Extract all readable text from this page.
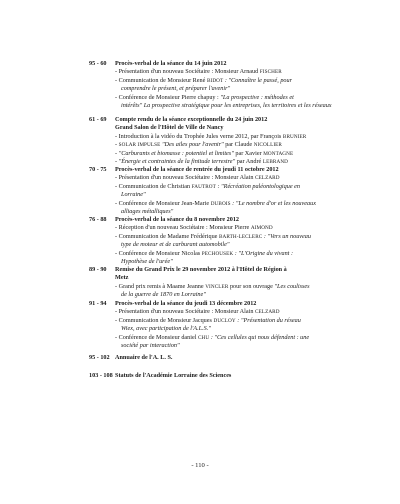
95 - 60 Procès-verbal de la séance du 14 juin 2012
- Présentation d'un nouveau Sociétaire : Monsieur Arnaud FISCHER
- Communication de Monsieur René BIDOT : "Connaître le passé, pour
comprendre le présent, et préparer l'avenir"
- Conférence de Monsieur Pierre chapuy : "La prospective : méthodes et
intérêts" La prospective stratégique pour les entreprises, les territoires et les réseaux
61 - 69 Compte rendu de la séance exceptionnelle du 24 juin 2012
Grand Salon de l'Hôtel de Ville de Nancy
- Introduction à la vidéo du Trophée Jules verne 2012, par François BRUNIER
- SOLAR IMPULSE "Des ailes pour l'avenir" par Claude NICOLLIER
- "Carburants et biomasse : potentiel et limites" par Xavier MONTAGNE
- "Énergie et contraintes de la finitude terrestre" par André LEBRAND
70 - 75 Procès-verbal de la séance de rentrée du jeudi 11 octobre 2012
- Présentation d'un nouveau Sociétaire : Monsieur Alain CELZARD
- Communication de Christian FAUTROT : "Récréation paléontologique en
Lorraine"
- Conférence de Monsieur Jean-Marie DUBOIS : "Le nombre d'or et les nouveaux
alliages métalliques"
76 - 88 Procès-verbal de la séance du 8 novembre 2012
- Réception d'un nouveau Sociétaire : Monsieur Pierre AIMOND
- Communication de Madame Frédérique BARTH-LECLERC : "Vers un nouveau
type de moteur et de carburant automobile"
- Conférence de Monsieur Nicolas PECHOUSEK : "L'Origine du vivant :
Hypothèse de l'urée"
89 - 90 Remise du Grand Prix le 29 novembre 2012 à l'Hôtel de Région à
Metz
- Grand prix remis à Maame Jeanne VINCLER pour son ouvrage "Les coulisses
de la guerre de 1870 en Lorraine"
91 - 94 Procès-verbal de la séance du jeudi 13 décembre 2012
- Présentation d'un nouveau Sociétaire : Monsieur Alain CELZARD
- Communication de Monsieur Jacques DUCLOY : "Présentation du réseau
Wiex, avec participation de l'A.L.S."
- Conférence de Monsieur daniel CHU : "Ces cellules qui nous défendent : une
société par interaction"
95 - 102 Annuaire de l'A. L. S.
103 - 108 Statuts de l'Académie Lorraine des Sciences
- 110 -
